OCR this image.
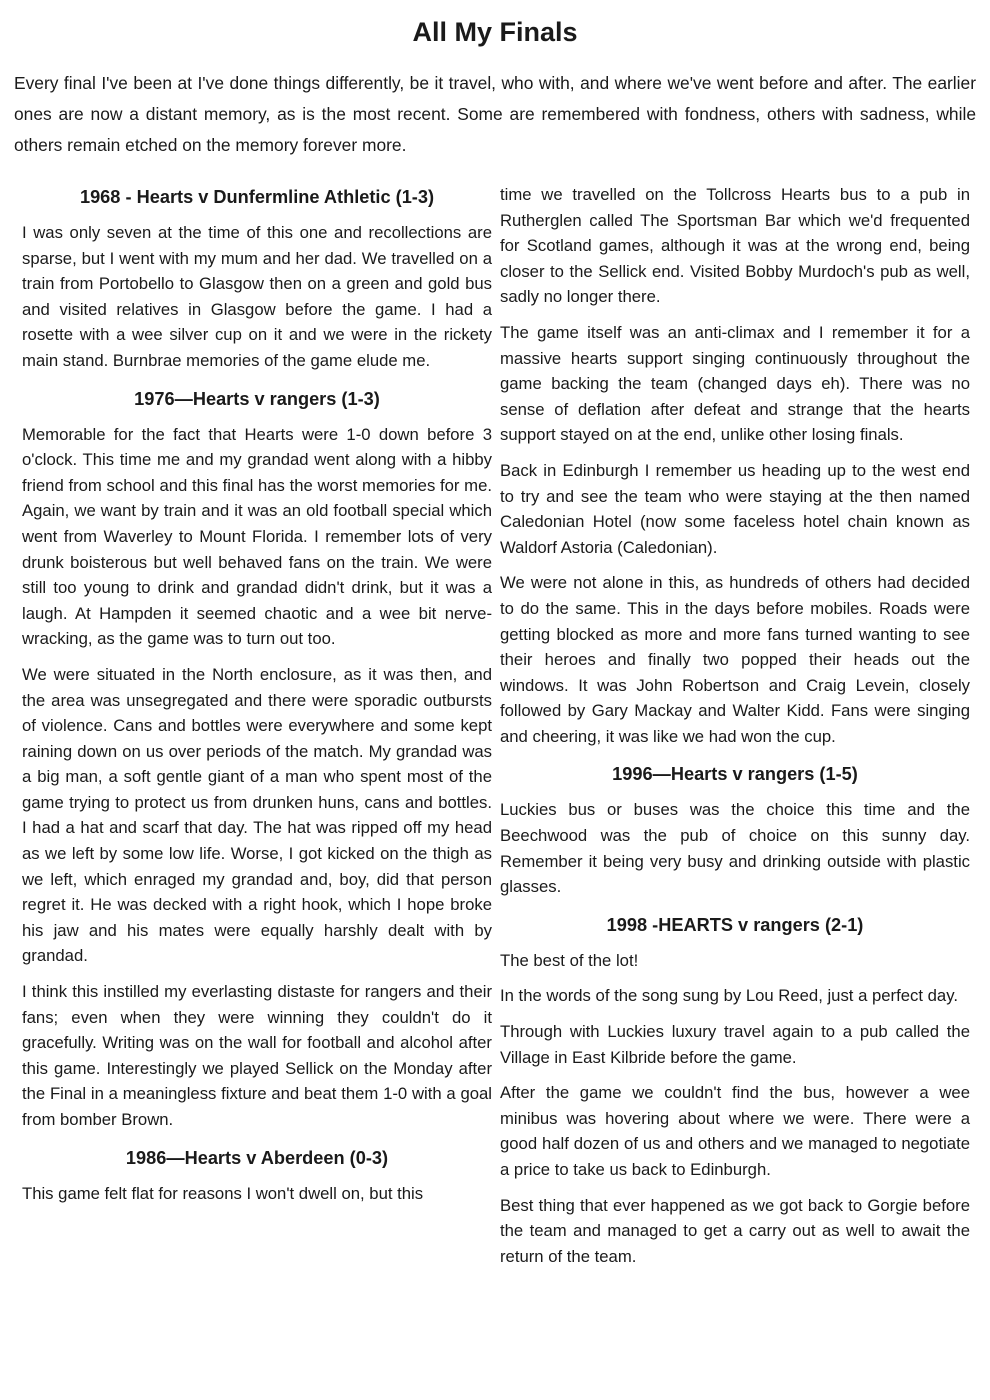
All My Finals

Every final I've been at I've done things differently, be it travel, who with, and where we've went before and after. The earlier ones are now a distant memory, as is the most recent. Some are remembered with fondness, others with sadness, while others remain etched on the memory forever more.

1968 - Hearts v Dunfermline Athletic (1-3)

I was only seven at the time of this one and recollections are sparse, but I went with my mum and her dad. We travelled on a train from Portobello to Glasgow then on a green and gold bus and visited relatives in Glasgow before the game. I had a rosette with a wee silver cup on it and we were in the rickety main stand. Burnbrae memories of the game elude me.

1976—Hearts v rangers (1-3)

Memorable for the fact that Hearts were 1-0 down before 3 o'clock. This time me and my grandad went along with a hibby friend from school and this final has the worst memories for me. Again, we want by train and it was an old football special which went from Waverley to Mount Florida. I remember lots of very drunk boisterous but well behaved fans on the train. We were still too young to drink and grandad didn't drink, but it was a laugh. At Hampden it seemed chaotic and a wee bit nerve-wracking, as the game was to turn out too.

We were situated in the North enclosure, as it was then, and the area was unsegregated and there were sporadic outbursts of violence. Cans and bottles were everywhere and some kept raining down on us over periods of the match. My grandad was a big man, a soft gentle giant of a man who spent most of the game trying to protect us from drunken huns, cans and bottles. I had a hat and scarf that day. The hat was ripped off my head as we left by some low life. Worse, I got kicked on the thigh as we left, which enraged my grandad and, boy, did that person regret it. He was decked with a right hook, which I hope broke his jaw and his mates were equally harshly dealt with by grandad.

I think this instilled my everlasting distaste for rangers and their fans; even when they were winning they couldn't do it gracefully. Writing was on the wall for football and alcohol after this game. Interestingly we played Sellick on the Monday after the Final in a meaningless fixture and beat them 1-0 with a goal from bomber Brown.

1986—Hearts v Aberdeen (0-3)

This game felt flat for reasons I won't dwell on, but this

time we travelled on the Tollcross Hearts bus to a pub in Rutherglen called The Sportsman Bar which we'd frequented for Scotland games, although it was at the wrong end, being closer to the Sellick end. Visited Bobby Murdoch's pub as well, sadly no longer there.

The game itself was an anti-climax and I remember it for a massive hearts support singing continuously throughout the game backing the team (changed days eh). There was no sense of deflation after defeat and strange that the hearts support stayed on at the end, unlike other losing finals.

Back in Edinburgh I remember us heading up to the west end to try and see the team who were staying at the then named Caledonian Hotel (now some faceless hotel chain known as Waldorf Astoria (Caledonian).

We were not alone in this, as hundreds of others had decided to do the same. This in the days before mobiles. Roads were getting blocked as more and more fans turned wanting to see their heroes and finally two popped their heads out the windows. It was John Robertson and Craig Levein, closely followed by Gary Mackay and Walter Kidd. Fans were singing and cheering, it was like we had won the cup.

1996—Hearts v rangers (1-5)

Luckies bus or buses was the choice this time and the Beechwood was the pub of choice on this sunny day. Remember it being very busy and drinking outside with plastic glasses.

1998 -HEARTS v rangers (2-1)

The best of the lot!

In the words of the song sung by Lou Reed, just a perfect day.

Through with Luckies luxury travel again to a pub called the Village in East Kilbride before the game.

After the game we couldn't find the bus, however a wee minibus was hovering about where we were. There were a good half dozen of us and others and we managed to negotiate a price to take us back to Edinburgh.

Best thing that ever happened as we got back to Gorgie before the team and managed to get a carry out as well to await the return of the team.
